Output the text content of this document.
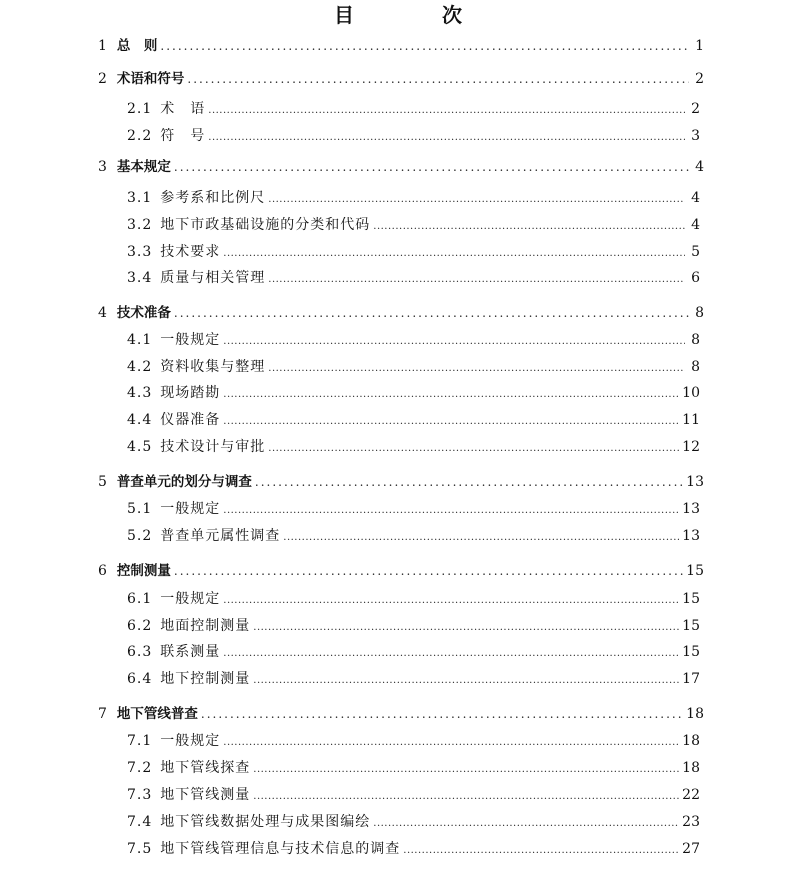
目　次
1 总　则 .....	1
2 术语和符号 .....	2
2.1 术　语 .....	2
2.2 符　号 .....	3
3 基本规定 .....	4
3.1 参考系和比例尺 .....	4
3.2 地下市政基础设施的分类和代码 .....	4
3.3 技术要求 .....	5
3.4 质量与相关管理 .....	6
4 技术准备 .....	8
4.1 一般规定 .....	8
4.2 资料收集与整理 .....	8
4.3 现场踏勘 .....	10
4.4 仪器准备 .....	11
4.5 技术设计与审批 .....	12
5 普查单元的划分与调查 .....	13
5.1 一般规定 .....	13
5.2 普查单元属性调查 .....	13
6 控制测量 .....	15
6.1 一般规定 .....	15
6.2 地面控制测量 .....	15
6.3 联系测量 .....	15
6.4 地下控制测量 .....	17
7 地下管线普查 .....	18
7.1 一般规定 .....	18
7.2 地下管线探查 .....	18
7.3 地下管线测量 .....	22
7.4 地下管线数据处理与成果图编绘 .....	23
7.5 地下管线管理信息与技术信息的调查 .....	27
